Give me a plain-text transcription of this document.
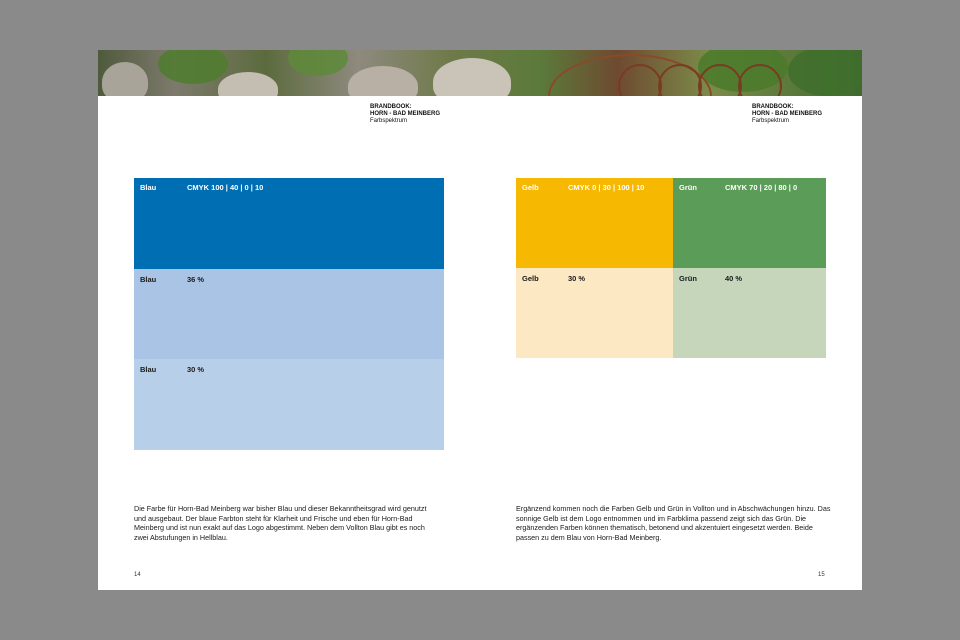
BRANDBOOK:
HORN - BAD MEINBERG
Farbspektrum
BRANDBOOK:
HORN - BAD MEINBERG
Farbspektrum
Blau	CMYK 100 | 40 | 0 | 10
Blau	36 %
Blau	30 %
Gelb	CMYK 0 | 30 | 100 | 10	Grün	CMYK 70 | 20 | 80 | 0
Gelb	30 %	Grün	40 %
Die Farbe für Horn-Bad Meinberg war bisher Blau und dieser Bekanntheitsgrad wird genutzt und ausgebaut. Der blaue Farbton steht für Klarheit und Frische und eben für Horn-Bad Meinberg und ist nun exakt auf das Logo abgestimmt. Neben dem Vollton Blau gibt es noch zwei Abstufungen in Hellblau.
Ergänzend kommen noch die Farben Gelb und Grün in Vollton und in Abschwächungen hinzu. Das sonnige Gelb ist dem Logo entnommen und im Farbklima passend zeigt sich das Grün. Die ergänzenden Farben können thematisch, betonend und akzentuiert eingesetzt werden. Beide passen zu dem Blau von Horn-Bad Meinberg.
14	15
